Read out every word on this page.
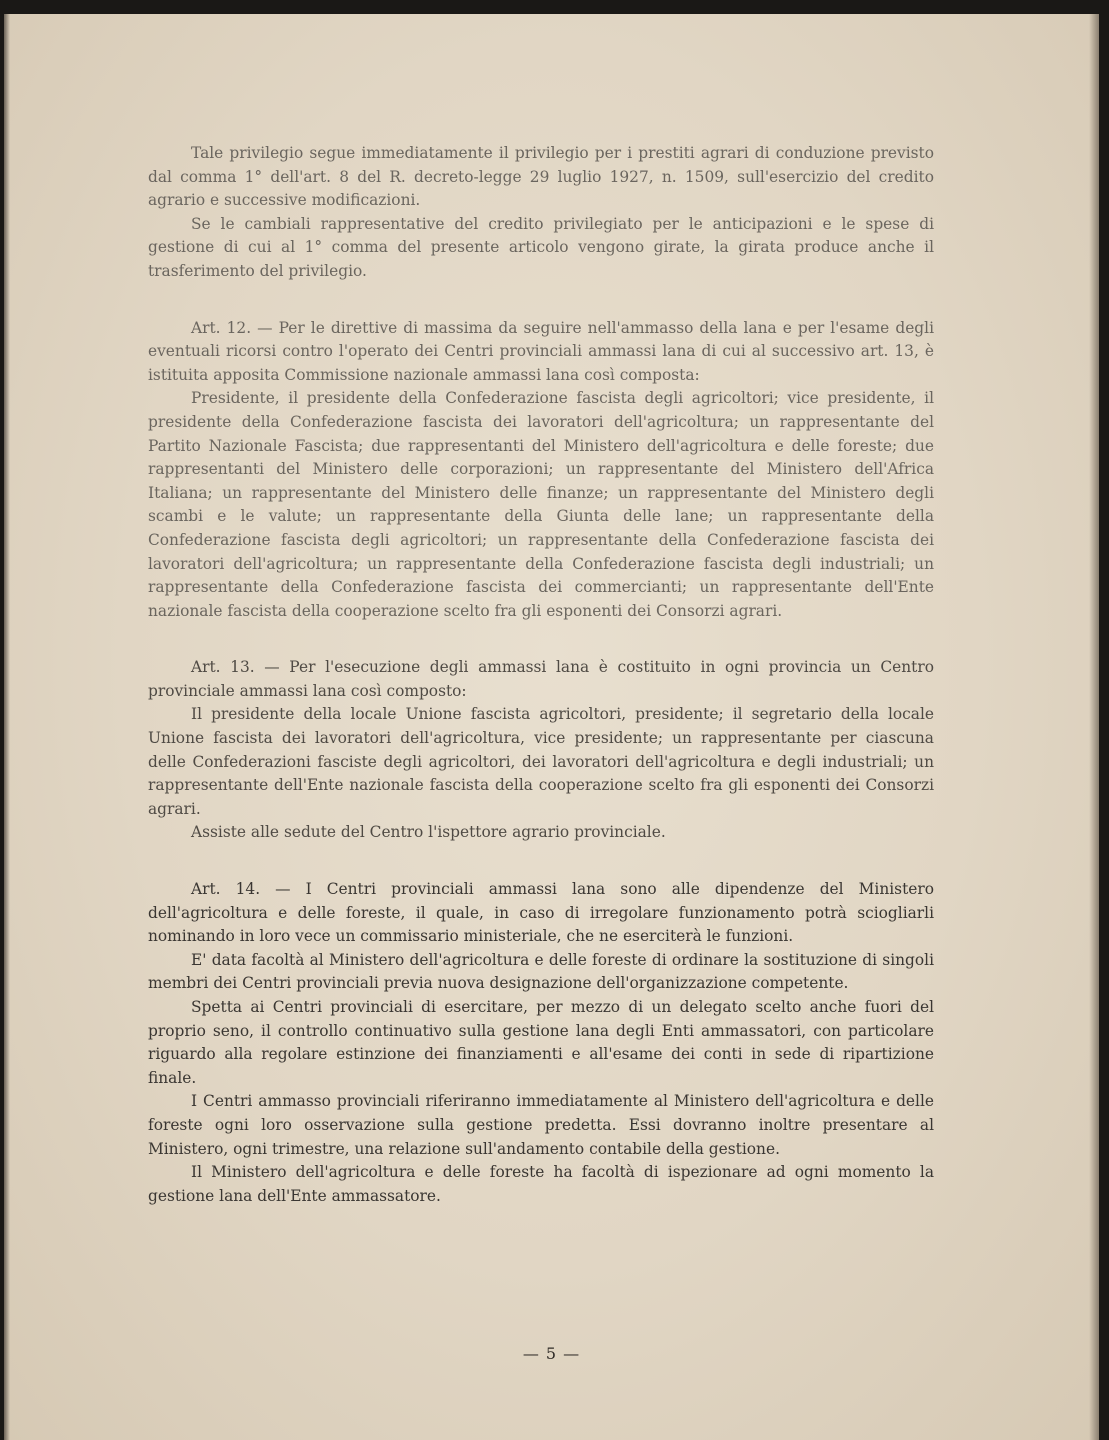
Tale privilegio segue immediatamente il privilegio per i prestiti agrari di conduzione previsto dal comma 1° dell'art. 8 del R. decreto-legge 29 luglio 1927, n. 1509, sull'esercizio del credito agrario e successive modificazioni.

Se le cambiali rappresentative del credito privilegiato per le anticipazioni e le spese di gestione di cui al 1° comma del presente articolo vengono girate, la girata produce anche il trasferimento del privilegio.

Art. 12. — Per le direttive di massima da seguire nell'ammasso della lana e per l'esame degli eventuali ricorsi contro l'operato dei Centri provinciali ammassi lana di cui al successivo art. 13, è istituita apposita Commissione nazionale ammassi lana così composta:

Presidente, il presidente della Confederazione fascista degli agricoltori; vice presidente, il presidente della Confederazione fascista dei lavoratori dell'agricoltura; un rappresentante del Partito Nazionale Fascista; due rappresentanti del Ministero dell'agricoltura e delle foreste; due rappresentanti del Ministero delle corporazioni; un rappresentante del Ministero dell'Africa Italiana; un rappresentante del Ministero delle finanze; un rappresentante del Ministero degli scambi e le valute; un rappresentante della Giunta delle lane; un rappresentante della Confederazione fascista degli agricoltori; un rappresentante della Confederazione fascista dei lavoratori dell'agricoltura; un rappresentante della Confederazione fascista degli industriali; un rappresentante della Confederazione fascista dei commercianti; un rappresentante dell'Ente nazionale fascista della cooperazione scelto fra gli esponenti dei Consorzi agrari.

Art. 13. — Per l'esecuzione degli ammassi lana è costituito in ogni provincia un Centro provinciale ammassi lana così composto:

Il presidente della locale Unione fascista agricoltori, presidente; il segretario della locale Unione fascista dei lavoratori dell'agricoltura, vice presidente; un rappresentante per ciascuna delle Confederazioni fasciste degli agricoltori, dei lavoratori dell'agricoltura e degli industriali; un rappresentante dell'Ente nazionale fascista della cooperazione scelto fra gli esponenti dei Consorzi agrari.

Assiste alle sedute del Centro l'ispettore agrario provinciale.

Art. 14. — I Centri provinciali ammassi lana sono alle dipendenze del Ministero dell'agricoltura e delle foreste, il quale, in caso di irregolare funzionamento potrà sciogliarli nominando in loro vece un commissario ministeriale, che ne eserciterà le funzioni.

E' data facoltà al Ministero dell'agricoltura e delle foreste di ordinare la sostituzione di singoli membri dei Centri provinciali previa nuova designazione dell'organizzazione competente.

Spetta ai Centri provinciali di esercitare, per mezzo di un delegato scelto anche fuori del proprio seno, il controllo continuativo sulla gestione lana degli Enti ammassatori, con particolare riguardo alla regolare estinzione dei finanziamenti e all'esame dei conti in sede di ripartizione finale.

I Centri ammasso provinciali riferiranno immediatamente al Ministero dell'agricoltura e delle foreste ogni loro osservazione sulla gestione predetta. Essi dovranno inoltre presentare al Ministero, ogni trimestre, una relazione sull'andamento contabile della gestione.

Il Ministero dell'agricoltura e delle foreste ha facoltà di ispezionare ad ogni momento la gestione lana dell'Ente ammassatore.

— 5 —
